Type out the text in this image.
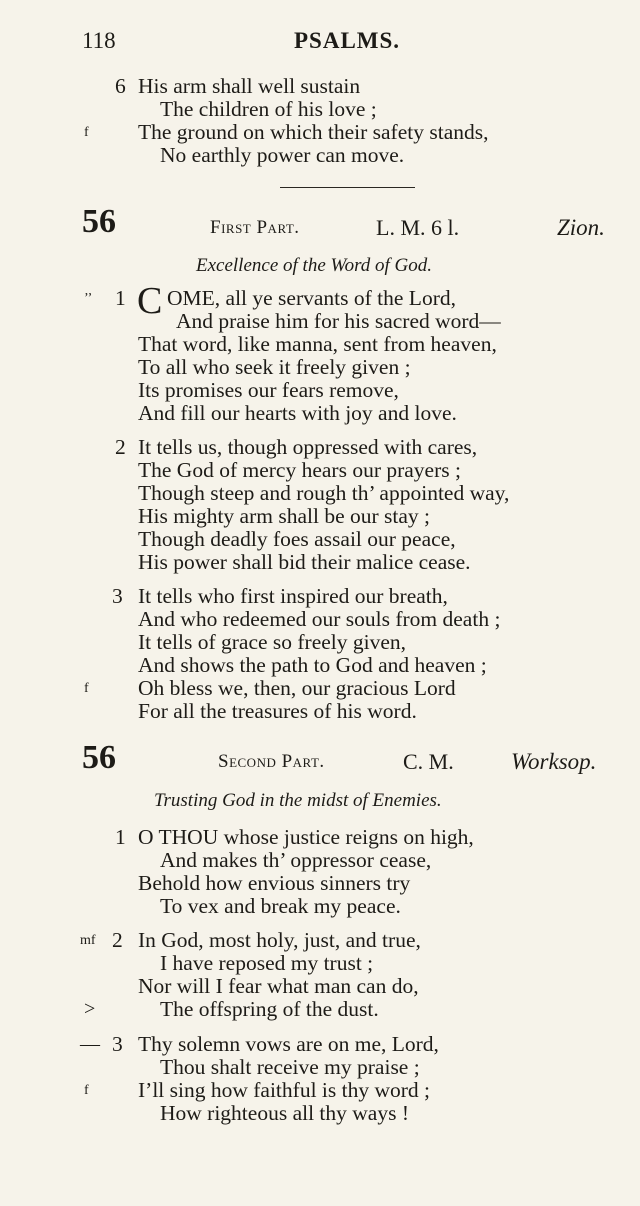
118	PSALMS.
6 His arm shall well sustain
The children of his love ;
f The ground on which their safety stands,
No earthly power can move.
56	First Part.	L. M. 6 l.	Zion.
Excellence of the Word of God.
’’ 1 C OME, all ye servants of the Lord,
And praise him for his sacred word—
That word, like manna, sent from heaven,
To all who seek it freely given ;
Its promises our fears remove,
And fill our hearts with joy and love.
2 It tells us, though oppressed with cares,
The God of mercy hears our prayers ;
Though steep and rough th’ appointed way,
His mighty arm shall be our stay ;
Though deadly foes assail our peace,
His power shall bid their malice cease.
3 It tells who first inspired our breath,
And who redeemed our souls from death ;
It tells of grace so freely given,
And shows the path to God and heaven ;
f Oh bless we, then, our gracious Lord
For all the treasures of his word.
56	Second Part.	C. M. Worksop.
Trusting God in the midst of Enemies.
1 O THOU whose justice reigns on high,
And makes th’ oppressor cease,
Behold how envious sinners try
To vex and break my peace.
mf 2 In God, most holy, just, and true,
I have reposed my trust ;
Nor will I fear what man can do,
>	The offspring of the dust.
— 3 Thy solemn vows are on me, Lord,
Thou shalt receive my praise ;
f I’ll sing how faithful is thy word ;
How righteous all thy ways !
